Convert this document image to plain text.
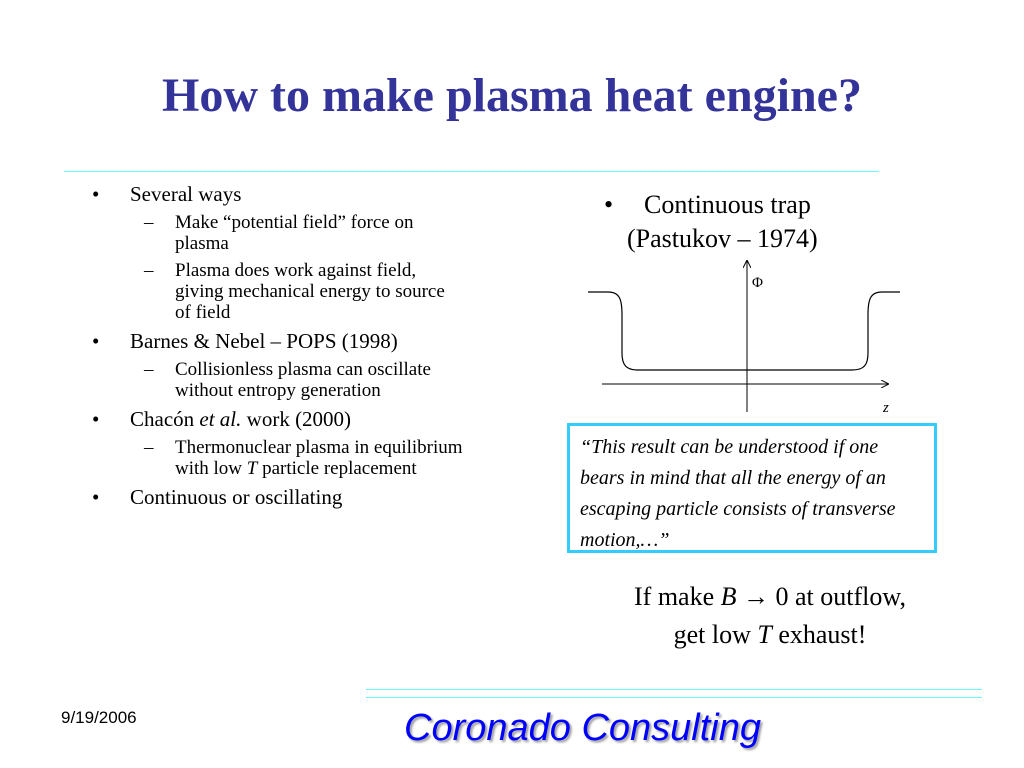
How to make plasma heat engine?
• Several ways
– Make “potential field” force on plasma
– Plasma does work against field, giving mechanical energy to source of field
• Barnes & Nebel – POPS (1998)
– Collisionless plasma can oscillate without entropy generation
• Chacón et al. work (2000)
– Thermonuclear plasma in equilibrium with low T particle replacement
• Continuous or oscillating
•	Continuous trap
(Pastukov – 1974)
Φ
z
“This result can be understood if one bears in mind that all the energy of an escaping particle consists of transverse motion,…”
If make B → 0 at outflow,
get low T exhaust!
9/19/2006	Coronado Consulting
